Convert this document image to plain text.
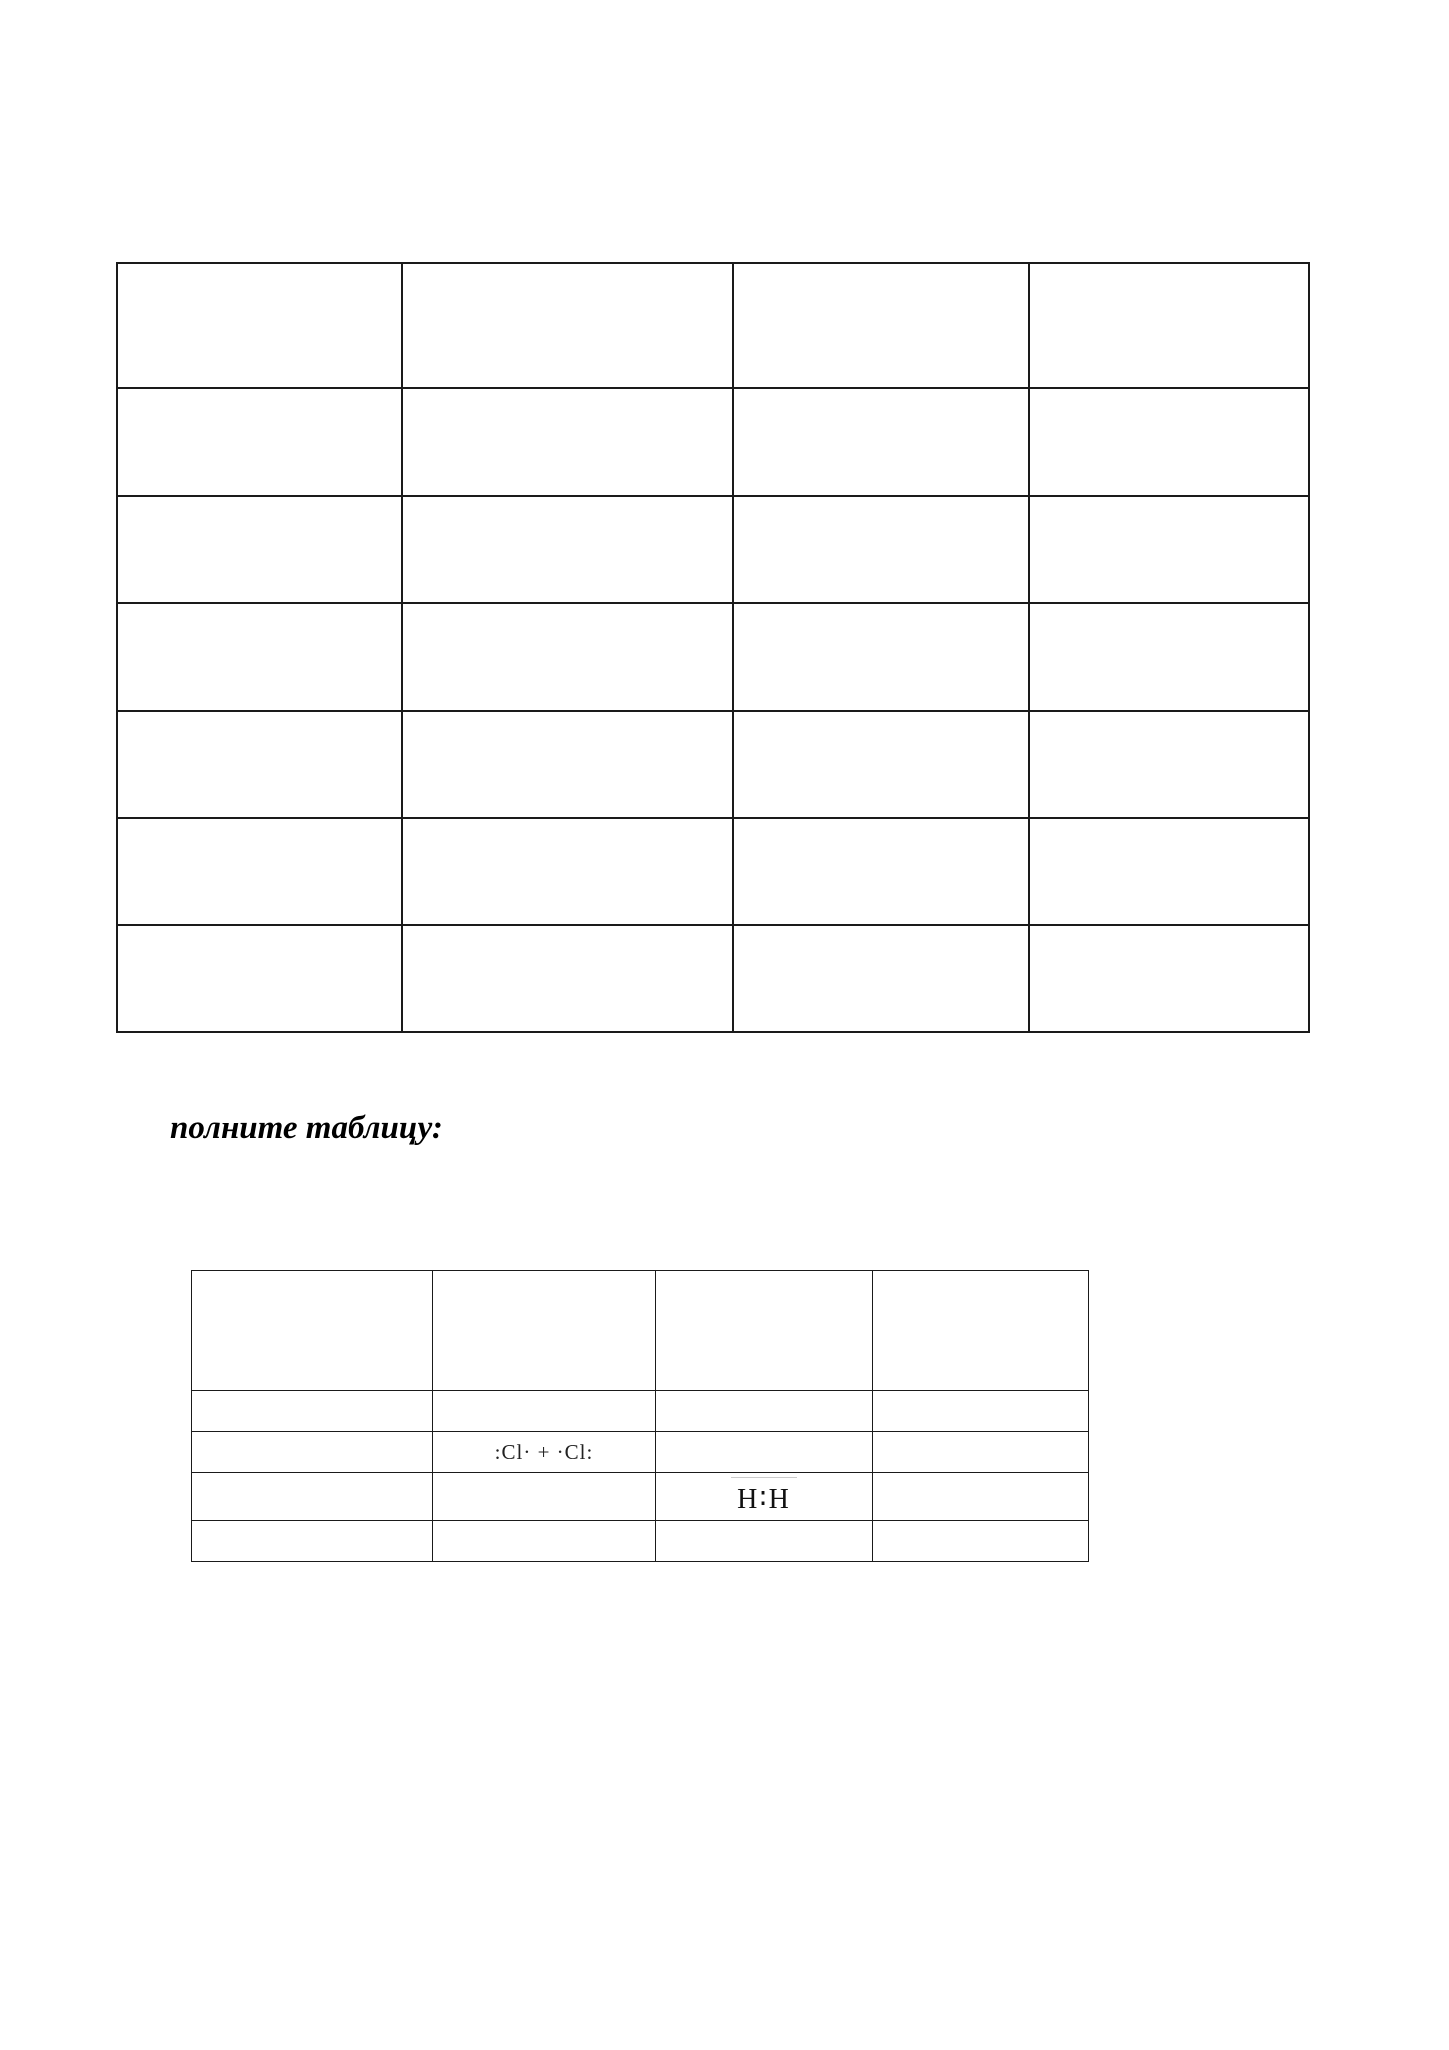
полните таблицу:

	:Cl· + ·Cl:		
		H∶H	
